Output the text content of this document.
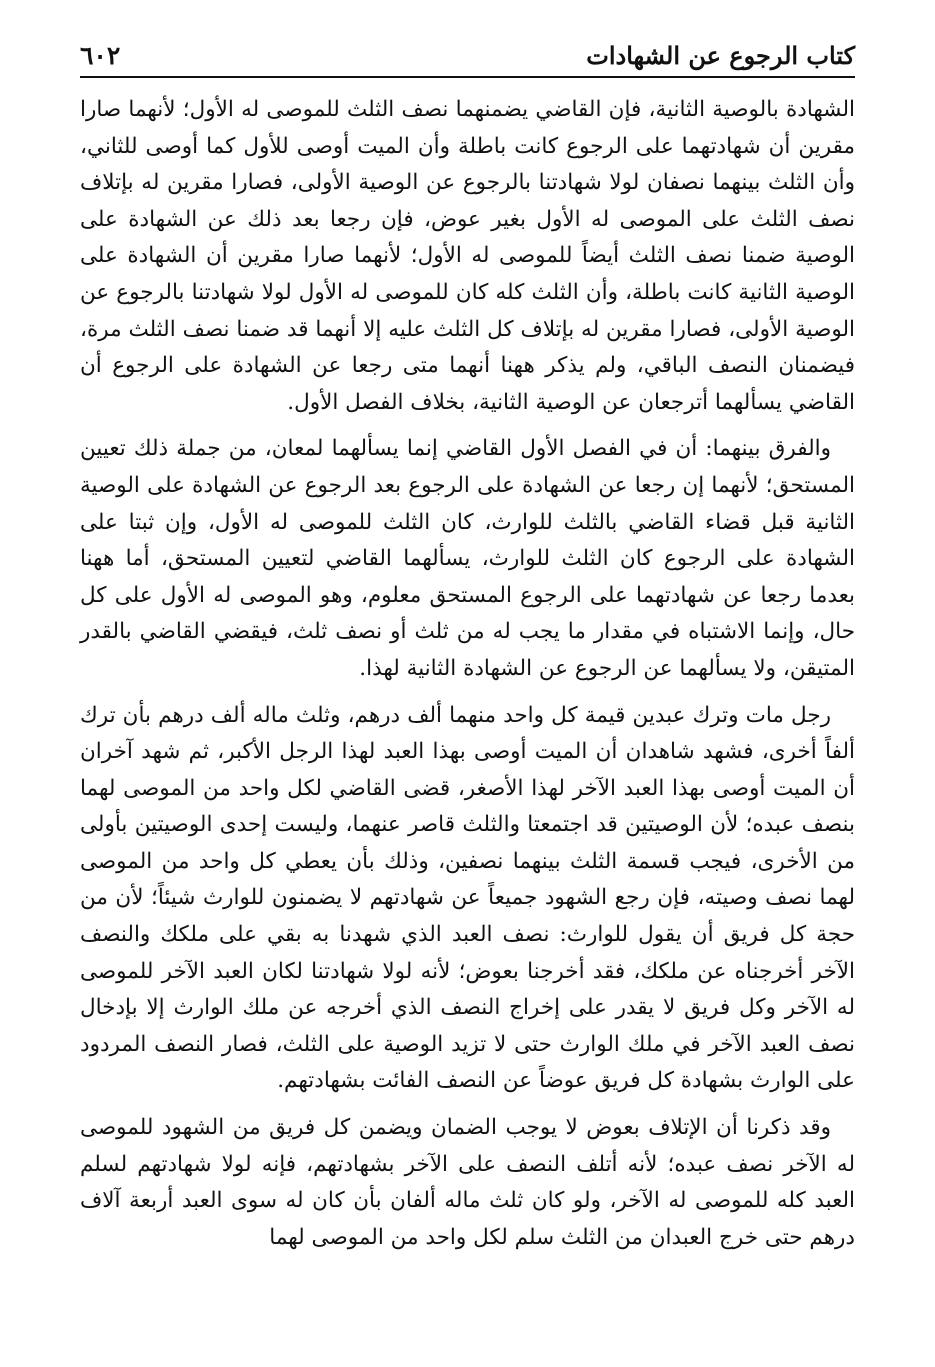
كتاب الرجوع عن الشهادات
٦٠٢

الشهادة بالوصية الثانية، فإن القاضي يضمنهما نصف الثلث للموصى له الأول؛ لأنهما صارا مقرين أن شهادتهما على الرجوع كانت باطلة وأن الميت أوصى للأول كما أوصى للثاني، وأن الثلث بينهما نصفان لولا شهادتنا بالرجوع عن الوصية الأولى، فصارا مقرين له بإتلاف نصف الثلث على الموصى له الأول بغير عوض، فإن رجعا بعد ذلك عن الشهادة على الوصية ضمنا نصف الثلث أيضاً للموصى له الأول؛ لأنهما صارا مقرين أن الشهادة على الوصية الثانية كانت باطلة، وأن الثلث كله كان للموصى له الأول لولا شهادتنا بالرجوع عن الوصية الأولى، فصارا مقرين له بإتلاف كل الثلث عليه إلا أنهما قد ضمنا نصف الثلث مرة، فيضمنان النصف الباقي، ولم يذكر ههنا أنهما متى رجعا عن الشهادة على الرجوع أن القاضي يسألهما أترجعان عن الوصية الثانية، بخلاف الفصل الأول.

والفرق بينهما: أن في الفصل الأول القاضي إنما يسألهما لمعان، من جملة ذلك تعيين المستحق؛ لأنهما إن رجعا عن الشهادة على الرجوع بعد الرجوع عن الشهادة على الوصية الثانية قبل قضاء القاضي بالثلث للوارث، كان الثلث للموصى له الأول، وإن ثبتا على الشهادة على الرجوع كان الثلث للوارث، يسألهما القاضي لتعيين المستحق، أما ههنا بعدما رجعا عن شهادتهما على الرجوع المستحق معلوم، وهو الموصى له الأول على كل حال، وإنما الاشتباه في مقدار ما يجب له من ثلث أو نصف ثلث، فيقضي القاضي بالقدر المتيقن، ولا يسألهما عن الرجوع عن الشهادة الثانية لهذا.

رجل مات وترك عبدين قيمة كل واحد منهما ألف درهم، وثلث ماله ألف درهم بأن ترك ألفاً أخرى، فشهد شاهدان أن الميت أوصى بهذا العبد لهذا الرجل الأكبر، ثم شهد آخران أن الميت أوصى بهذا العبد الآخر لهذا الأصغر، قضى القاضي لكل واحد من الموصى لهما بنصف عبده؛ لأن الوصيتين قد اجتمعتا والثلث قاصر عنهما، وليست إحدى الوصيتين بأولى من الأخرى، فيجب قسمة الثلث بينهما نصفين، وذلك بأن يعطي كل واحد من الموصى لهما نصف وصيته، فإن رجع الشهود جميعاً عن شهادتهم لا يضمنون للوارث شيئاً؛ لأن من حجة كل فريق أن يقول للوارث: نصف العبد الذي شهدنا به بقي على ملكك والنصف الآخر أخرجناه عن ملكك، فقد أخرجنا بعوض؛ لأنه لولا شهادتنا لكان العبد الآخر للموصى له الآخر وكل فريق لا يقدر على إخراج النصف الذي أخرجه عن ملك الوارث إلا بإدخال نصف العبد الآخر في ملك الوارث حتى لا تزيد الوصية على الثلث، فصار النصف المردود على الوارث بشهادة كل فريق عوضاً عن النصف الفائت بشهادتهم.

وقد ذكرنا أن الإتلاف بعوض لا يوجب الضمان ويضمن كل فريق من الشهود للموصى له الآخر نصف عبده؛ لأنه أتلف النصف على الآخر بشهادتهم، فإنه لولا شهادتهم لسلم العبد كله للموصى له الآخر، ولو كان ثلث ماله ألفان بأن كان له سوى العبد أربعة آلاف درهم حتى خرج العبدان من الثلث سلم لكل واحد من الموصى لهما
